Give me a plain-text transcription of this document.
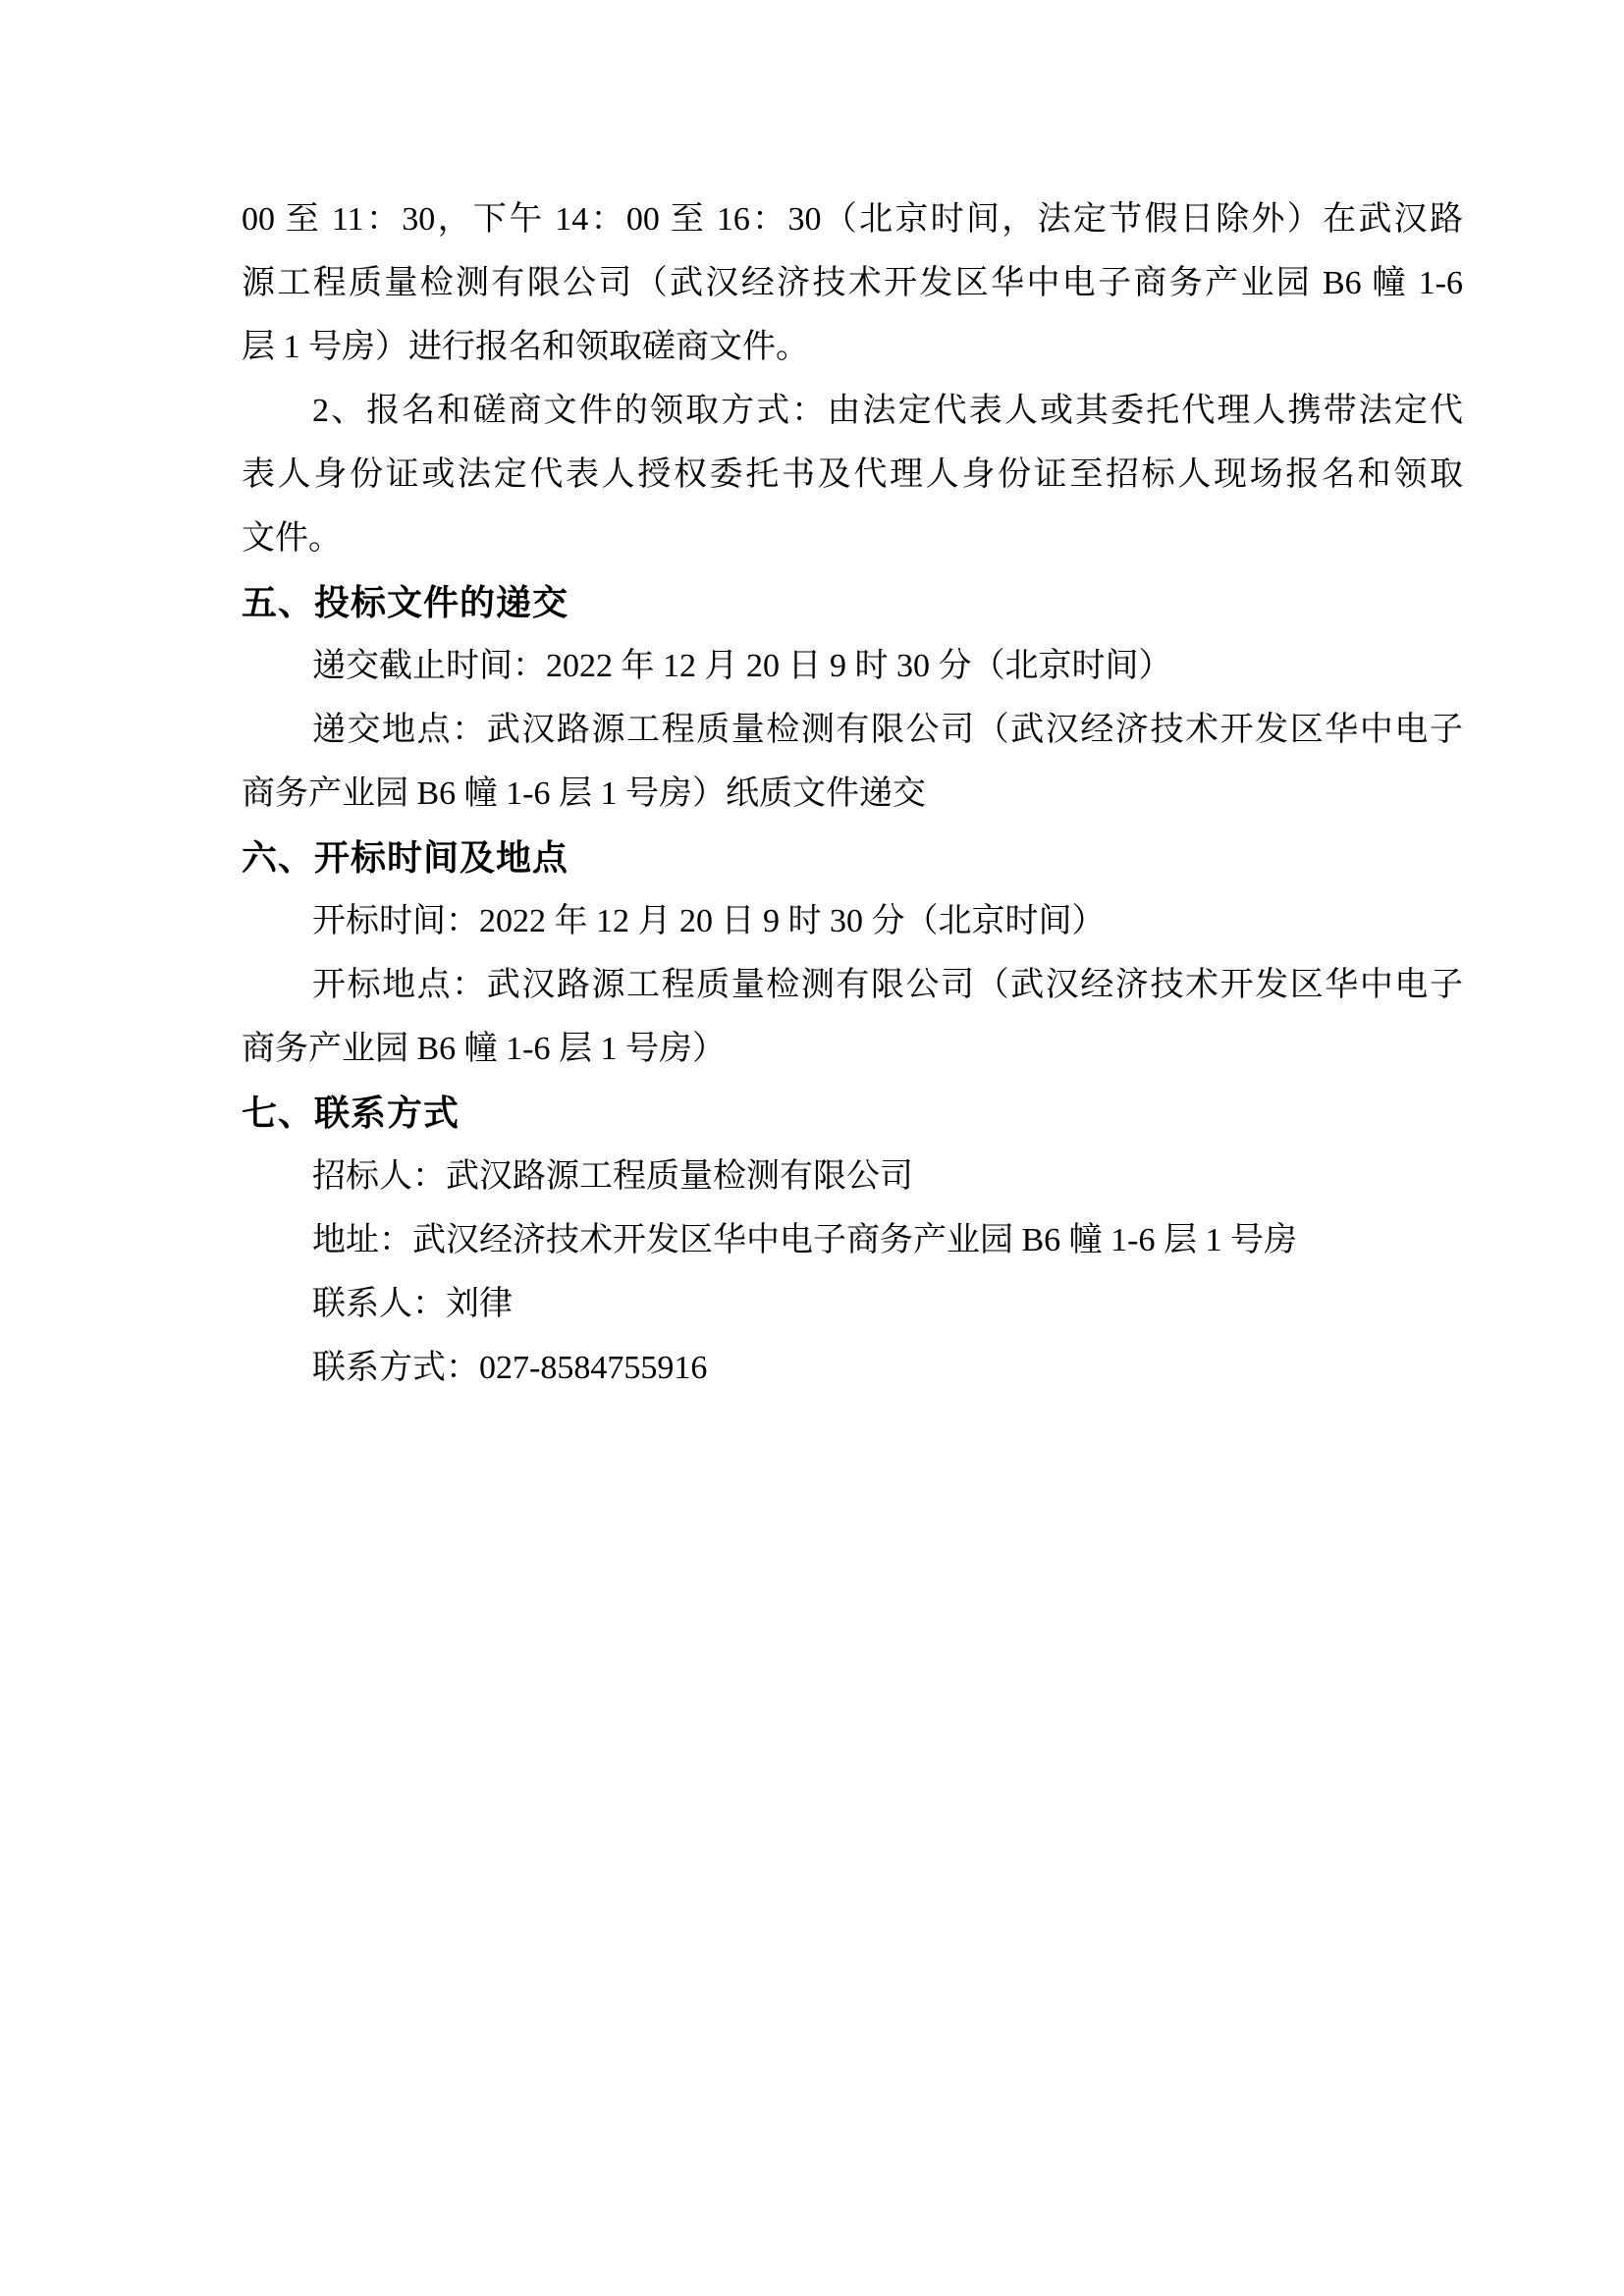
00 至 11：30，下午 14：00 至 16：30（北京时间，法定节假日除外）在武汉路

源工程质量检测有限公司（武汉经济技术开发区华中电子商务产业园 B6 幢 1-6

层 1 号房）进行报名和领取磋商文件。

2、报名和磋商文件的领取方式：由法定代表人或其委托代理人携带法定代

表人身份证或法定代表人授权委托书及代理人身份证至招标人现场报名和领取

文件。

五、投标文件的递交

递交截止时间：2022 年 12 月 20 日 9 时 30 分（北京时间）

递交地点：武汉路源工程质量检测有限公司（武汉经济技术开发区华中电子

商务产业园 B6 幢 1-6 层 1 号房）纸质文件递交

六、开标时间及地点

开标时间：2022 年 12 月 20 日 9 时 30 分（北京时间）

开标地点：武汉路源工程质量检测有限公司（武汉经济技术开发区华中电子

商务产业园 B6 幢 1-6 层 1 号房）

七、联系方式

招标人：武汉路源工程质量检测有限公司

地址：武汉经济技术开发区华中电子商务产业园 B6 幢 1-6 层 1 号房

联系人：刘律

联系方式：027-8584755916
